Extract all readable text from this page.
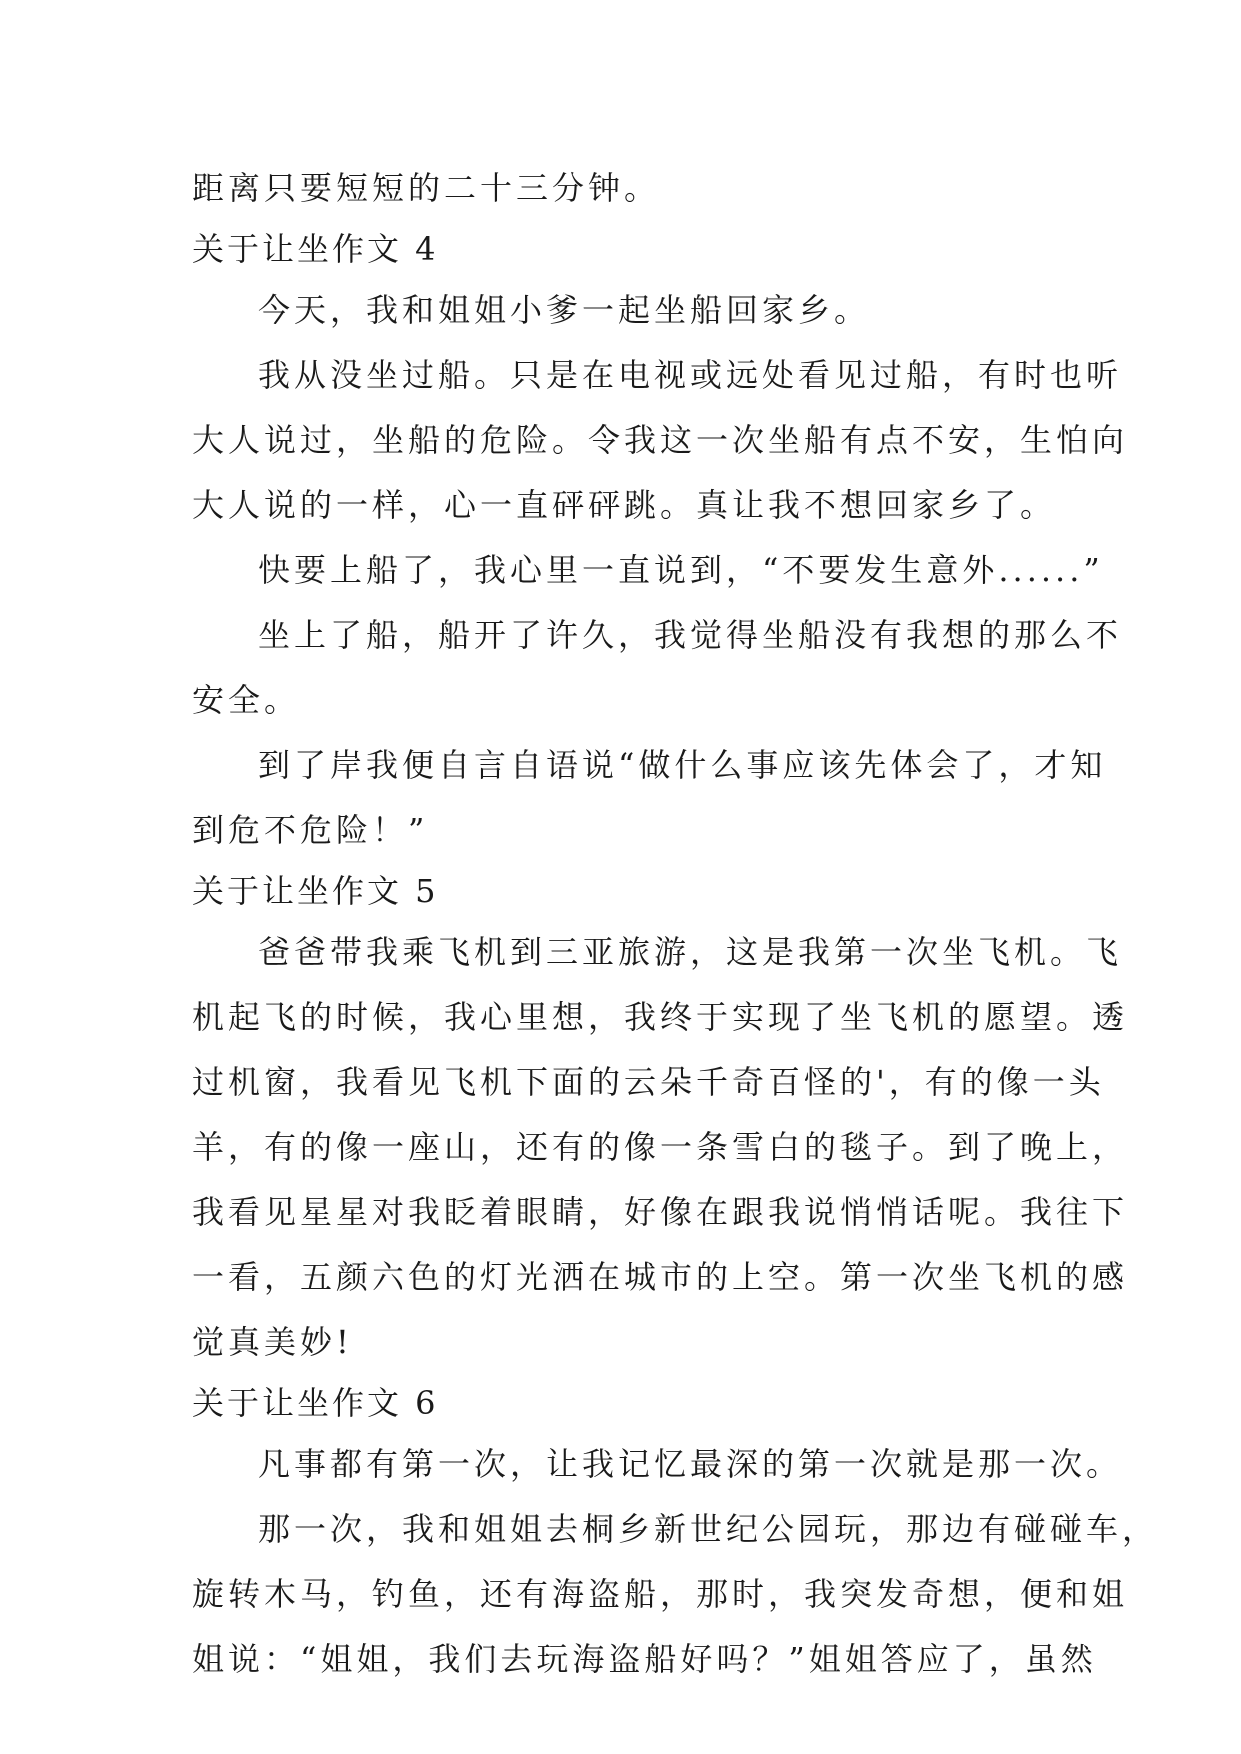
距离只要短短的二十三分钟。
关于让坐作文 4
今天，我和姐姐小爹一起坐船回家乡。
我从没坐过船。只是在电视或远处看见过船，有时也听
大人说过，坐船的危险。令我这一次坐船有点不安，生怕向
大人说的一样，心一直砰砰跳。真让我不想回家乡了。
快要上船了，我心里一直说到，“不要发生意外......”
坐上了船，船开了许久，我觉得坐船没有我想的那么不
安全。
到了岸我便自言自语说“做什么事应该先体会了，才知
到危不危险！”
关于让坐作文 5
爸爸带我乘飞机到三亚旅游，这是我第一次坐飞机。飞
机起飞的时候，我心里想，我终于实现了坐飞机的愿望。透
过机窗，我看见飞机下面的云朵千奇百怪的'，有的像一头
羊，有的像一座山，还有的像一条雪白的毯子。到了晚上，
我看见星星对我眨着眼睛，好像在跟我说悄悄话呢。我往下
一看，五颜六色的灯光洒在城市的上空。第一次坐飞机的感
觉真美妙!
关于让坐作文 6
凡事都有第一次，让我记忆最深的第一次就是那一次。
那一次，我和姐姐去桐乡新世纪公园玩，那边有碰碰车，
旋转木马，钓鱼，还有海盗船，那时，我突发奇想，便和姐
姐说：“姐姐，我们去玩海盗船好吗？”姐姐答应了，虽然
